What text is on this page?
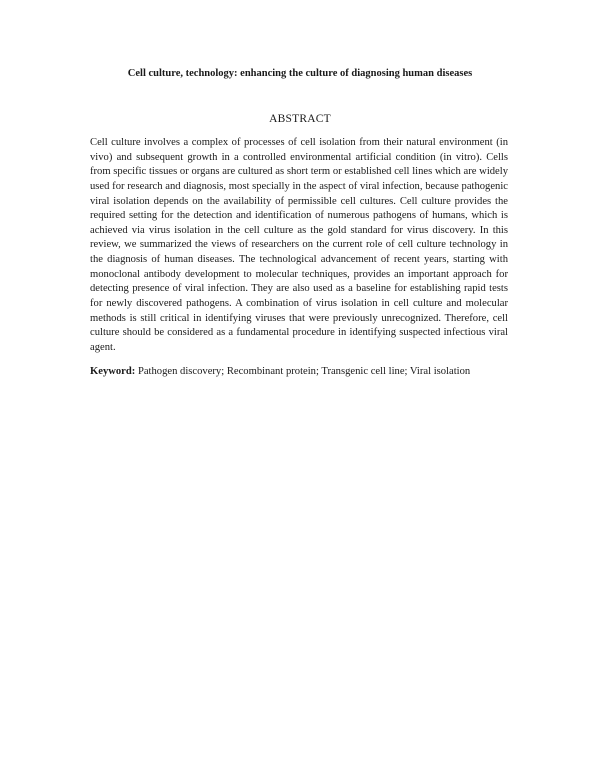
Cell culture, technology: enhancing the culture of diagnosing human diseases
ABSTRACT

Cell culture involves a complex of processes of cell isolation from their natural environment (in vivo) and subsequent growth in a controlled environmental artificial condition (in vitro). Cells from specific tissues or organs are cultured as short term or established cell lines which are widely used for research and diagnosis, most specially in the aspect of viral infection, because pathogenic viral isolation depends on the availability of permissible cell cultures. Cell culture provides the required setting for the detection and identification of numerous pathogens of humans, which is achieved via virus isolation in the cell culture as the gold standard for virus discovery. In this review, we summarized the views of researchers on the current role of cell culture technology in the diagnosis of human diseases. The technological advancement of recent years, starting with monoclonal antibody development to molecular techniques, provides an important approach for detecting presence of viral infection. They are also used as a baseline for establishing rapid tests for newly discovered pathogens. A combination of virus isolation in cell culture and molecular methods is still critical in identifying viruses that were previously unrecognized. Therefore, cell culture should be considered as a fundamental procedure in identifying suspected infectious viral agent.

Keyword: Pathogen discovery; Recombinant protein; Transgenic cell line; Viral isolation
